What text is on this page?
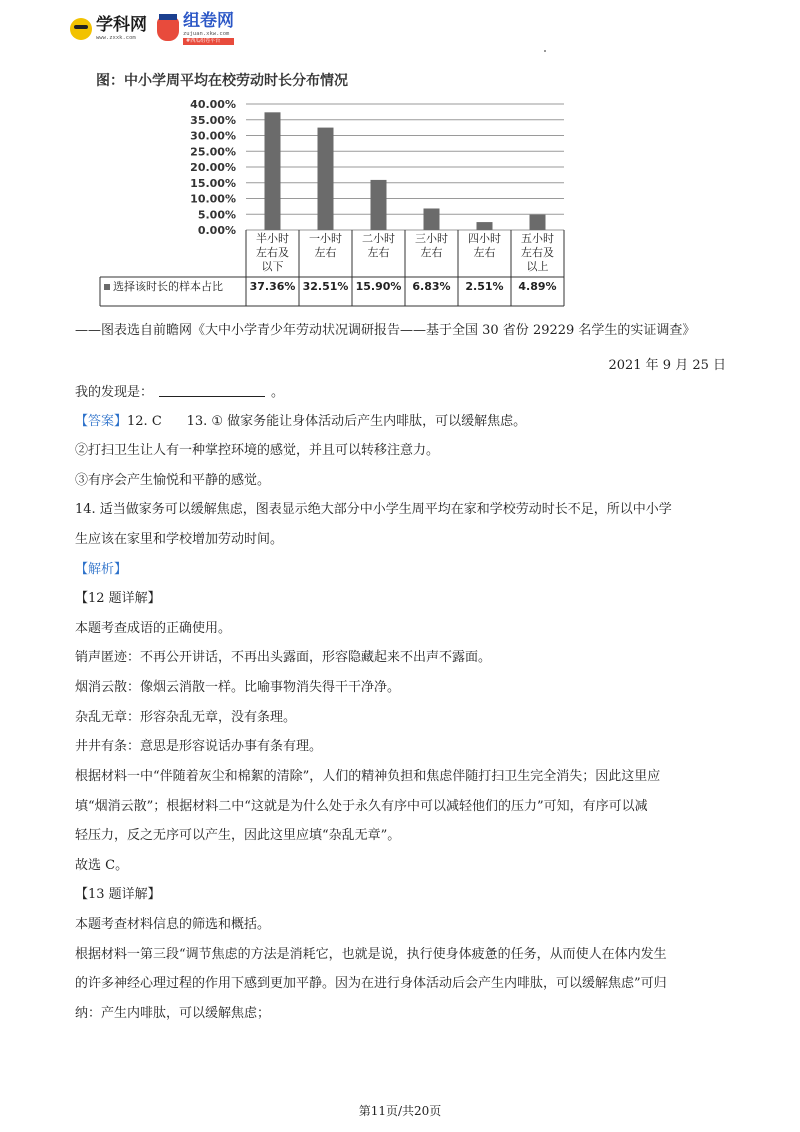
学科网
www.zxxk.com
组卷网
zujuan.xkw.com
#西瓜组卷平台
图：中小学周平均在校劳动时长分布情况
0.00%
5.00%
10.00%
15.00%
20.00%
25.00%
30.00%
35.00%
40.00%
半小时
左右及
以下
一小时
左右
二小时
左右
三小时
左右
四小时
左右
五小时
左右及
以上
选择该时长的样本占比 37.36% 32.51% 15.90% 6.83% 2.51% 4.89%
——图表选自前瞻网《大中小学青少年劳动状况调研报告——基于全国 30 省份 29229 名学生的实证调查》
2021 年 9 月 25 日
我的发现是：	。
【答案】12. C      13. ① 做家务能让身体活动后产生内啡肽，可以缓解焦虑。
②打扫卫生让人有一种掌控环境的感觉，并且可以转移注意力。
③有序会产生愉悦和平静的感觉。
14. 适当做家务可以缓解焦虑，图表显示绝大部分中小学生周平均在家和学校劳动时长不足，所以中小学
生应该在家里和学校增加劳动时间。
【解析】
【12 题详解】
本题考查成语的正确使用。
销声匿迹：不再公开讲话，不再出头露面，形容隐藏起来不出声不露面。
烟消云散：像烟云消散一样。比喻事物消失得干干净净。
杂乱无章：形容杂乱无章，没有条理。
井井有条：意思是形容说话办事有条有理。
根据材料一中“伴随着灰尘和棉絮的清除”，人们的精神负担和焦虑伴随打扫卫生完全消失；因此这里应
填“烟消云散”；根据材料二中“这就是为什么处于永久有序中可以减轻他们的压力”可知，有序可以减
轻压力，反之无序可以产生，因此这里应填“杂乱无章”。
故选 C。
【13 题详解】
本题考查材料信息的筛选和概括。
根据材料一第三段“调节焦虑的方法是消耗它，也就是说，执行使身体疲惫的任务，从而使人在体内发生
的许多神经心理过程的作用下感到更加平静。因为在进行身体活动后会产生内啡肽，可以缓解焦虑”可归
纳：产生内啡肽，可以缓解焦虑；
第11页/共20页
